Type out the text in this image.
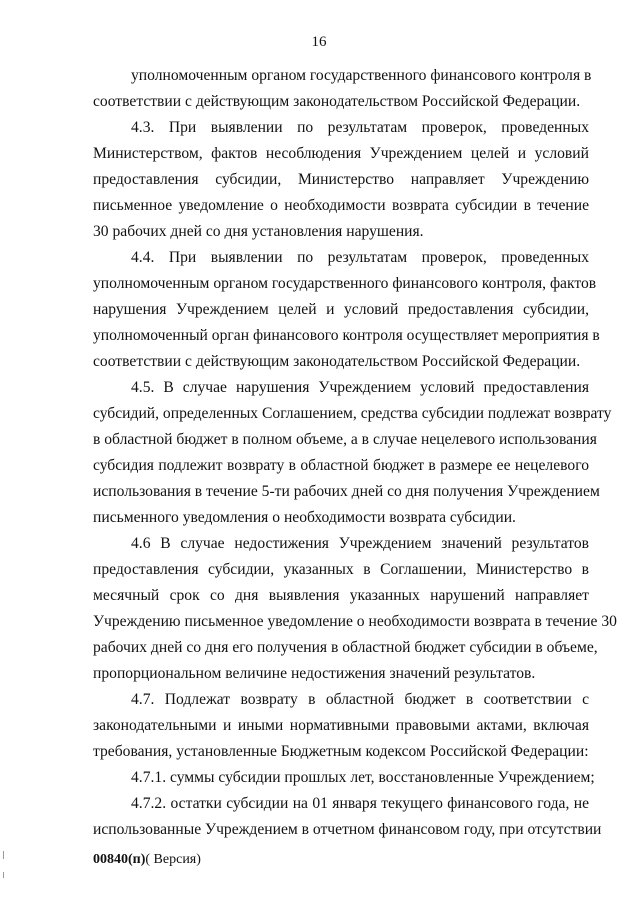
16

уполномоченным органом государственного финансового контроля в
соответствии с действующим законодательством Российской Федерации.

4.3. При выявлении по результатам проверок, проведенных
Министерством, фактов несоблюдения Учреждением целей и условий
предоставления субсидии, Министерство направляет Учреждению
письменное уведомление о необходимости возврата субсидии в течение
30 рабочих дней со дня установления нарушения.

4.4. При выявлении по результатам проверок, проведенных
уполномоченным органом государственного финансового контроля, фактов
нарушения Учреждением целей и условий предоставления субсидии,
уполномоченный орган финансового контроля осуществляет мероприятия в
соответствии с действующим законодательством Российской Федерации.

4.5. В случае нарушения Учреждением условий предоставления
субсидий, определенных Соглашением, средства субсидии подлежат возврату
в областной бюджет в полном объеме, а в случае нецелевого использования
субсидия подлежит возврату в областной бюджет в размере ее нецелевого
использования в течение 5-ти рабочих дней со дня получения Учреждением
письменного уведомления о необходимости возврата субсидии.

4.6 В случае недостижения Учреждением значений результатов
предоставления субсидии, указанных в Соглашении, Министерство в
месячный срок со дня выявления указанных нарушений направляет
Учреждению письменное уведомление о необходимости возврата в течение 30
рабочих дней со дня его получения в областной бюджет субсидии в объеме,
пропорциональном величине недостижения значений результатов.

4.7. Подлежат возврату в областной бюджет в соответствии с
законодательными и иными нормативными правовыми актами, включая
требования, установленные Бюджетным кодексом Российской Федерации:

4.7.1. суммы субсидии прошлых лет, восстановленные Учреждением;

4.7.2. остатки субсидии на 01 января текущего финансового года, не
использованные Учреждением в отчетном финансовом году, при отсутствии

00840(п)( Версия)
